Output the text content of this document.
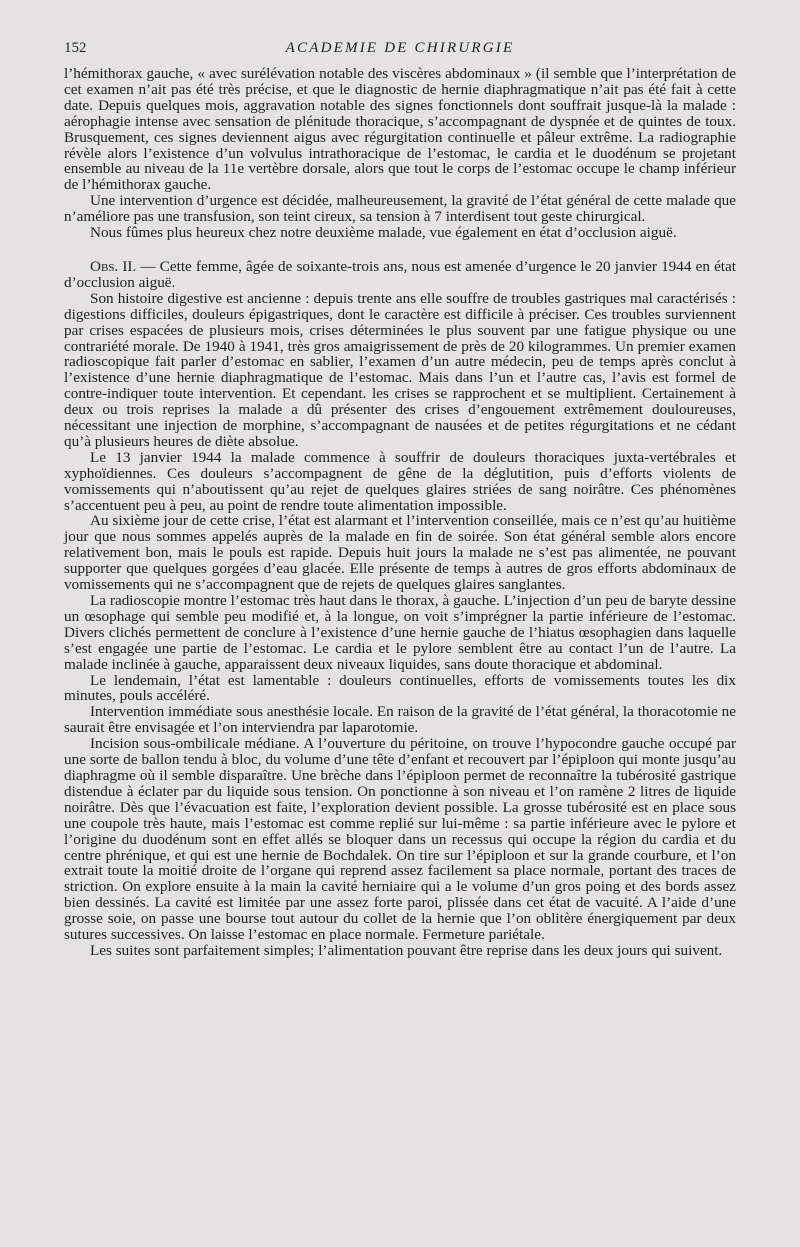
152	ACADEMIE DE CHIRURGIE

l’hémithorax gauche, « avec surélévation notable des viscères abdominaux » (il semble que l’interprétation de cet examen n’ait pas été très précise, et que le diagnostic de hernie diaphragmatique n’ait pas été fait à cette date. Depuis quelques mois, aggravation notable des signes fonctionnels dont souffrait jusque-là la malade : aérophagie intense avec sensation de plénitude thoracique, s’accompagnant de dyspnée et de quintes de toux. Brusquement, ces signes deviennent aigus avec régurgitation continuelle et pâleur extrême. La radiographie révèle alors l’existence d’un volvulus intrathoracique de l’estomac, le cardia et le duodénum se projetant ensemble au niveau de la 11e vertèbre dorsale, alors que tout le corps de l’estomac occupe le champ inférieur de l’hémithorax gauche.

Une intervention d’urgence est décidée, malheureusement, la gravité de l’état général de cette malade que n’améliore pas une transfusion, son teint cireux, sa tension à 7 interdisent tout geste chirurgical.

Nous fûmes plus heureux chez notre deuxième malade, vue également en état d’occlusion aiguë.

Obs. II. — Cette femme, âgée de soixante-trois ans, nous est amenée d’urgence le 20 janvier 1944 en état d’occlusion aiguë.

Son histoire digestive est ancienne : depuis trente ans elle souffre de troubles gastriques mal caractérisés : digestions difficiles, douleurs épigastriques, dont le caractère est difficile à préciser. Ces troubles surviennent par crises espacées de plusieurs mois, crises déterminées le plus souvent par une fatigue physique ou une contrariété morale. De 1940 à 1941, très gros amaigrissement de près de 20 kilogrammes. Un premier examen radioscopique fait parler d’estomac en sablier, l’examen d’un autre médecin, peu de temps après conclut à l’existence d’une hernie diaphragmatique de l’estomac. Mais dans l’un et l’autre cas, l’avis est formel de contre-indiquer toute intervention. Et cependant. les crises se rapprochent et se multiplient. Certainement à deux ou trois reprises la malade a dû présenter des crises d’engouement extrêmement douloureuses, nécessitant une injection de morphine, s’accompagnant de nausées et de petites régurgitations et ne cédant qu’à plusieurs heures de diète absolue.

Le 13 janvier 1944 la malade commence à souffrir de douleurs thoraciques juxta-vertébrales et xyphoïdiennes. Ces douleurs s’accompagnent de gêne de la déglutition, puis d’efforts violents de vomissements qui n’aboutissent qu’au rejet de quelques glaires striées de sang noirâtre. Ces phénomènes s’accentuent peu à peu, au point de rendre toute alimentation impossible.

Au sixième jour de cette crise, l’état est alarmant et l’intervention conseillée, mais ce n’est qu’au huitième jour que nous sommes appelés auprès de la malade en fin de soirée. Son état général semble alors encore relativement bon, mais le pouls est rapide. Depuis huit jours la malade ne s’est pas alimentée, ne pouvant supporter que quelques gorgées d’eau glacée. Elle présente de temps à autres de gros efforts abdominaux de vomissements qui ne s’accompagnent que de rejets de quelques glaires sanglantes.

La radioscopie montre l’estomac très haut dans le thorax, à gauche. L’injection d’un peu de baryte dessine un œsophage qui semble peu modifié et, à la longue, on voit s’imprégner la partie inférieure de l’estomac. Divers clichés permettent de conclure à l’existence d’une hernie gauche de l’hiatus œsophagien dans laquelle s’est engagée une partie de l’estomac. Le cardia et le pylore semblent être au contact l’un de l’autre. La malade inclinée à gauche, apparaissent deux niveaux liquides, sans doute thoracique et abdominal.

Le lendemain, l’état est lamentable : douleurs continuelles, efforts de vomissements toutes les dix minutes, pouls accéléré.

Intervention immédiate sous anesthésie locale. En raison de la gravité de l’état général, la thoracotomie ne saurait être envisagée et l’on interviendra par laparotomie.

Incision sous-ombilicale médiane. A l’ouverture du péritoine, on trouve l’hypocondre gauche occupé par une sorte de ballon tendu à bloc, du volume d’une tête d’enfant et recouvert par l’épiploon qui monte jusqu’au diaphragme où il semble disparaître. Une brèche dans l’épiploon permet de reconnaître la tubérosité gastrique distendue à éclater par du liquide sous tension. On ponctionne à son niveau et l’on ramène 2 litres de liquide noirâtre. Dès que l’évacuation est faite, l’exploration devient possible. La grosse tubérosité est en place sous une coupole très haute, mais l’estomac est comme replié sur lui-même : sa partie inférieure avec le pylore et l’origine du duodénum sont en effet allés se bloquer dans un recessus qui occupe la région du cardia et du centre phrénique, et qui est une hernie de Bochdalek. On tire sur l’épiploon et sur la grande courbure, et l’on extrait toute la moitié droite de l’organe qui reprend assez facilement sa place normale, portant des traces de striction. On explore ensuite à la main la cavité herniaire qui a le volume d’un gros poing et des bords assez bien dessinés. La cavité est limitée par une assez forte paroi, plissée dans cet état de vacuité. A l’aide d’une grosse soie, on passe une bourse tout autour du collet de la hernie que l’on oblitère énergiquement par deux sutures successives. On laisse l’estomac en place normale. Fermeture pariétale.

Les suites sont parfaitement simples; l’alimentation pouvant être reprise dans les deux jours qui suivent.
